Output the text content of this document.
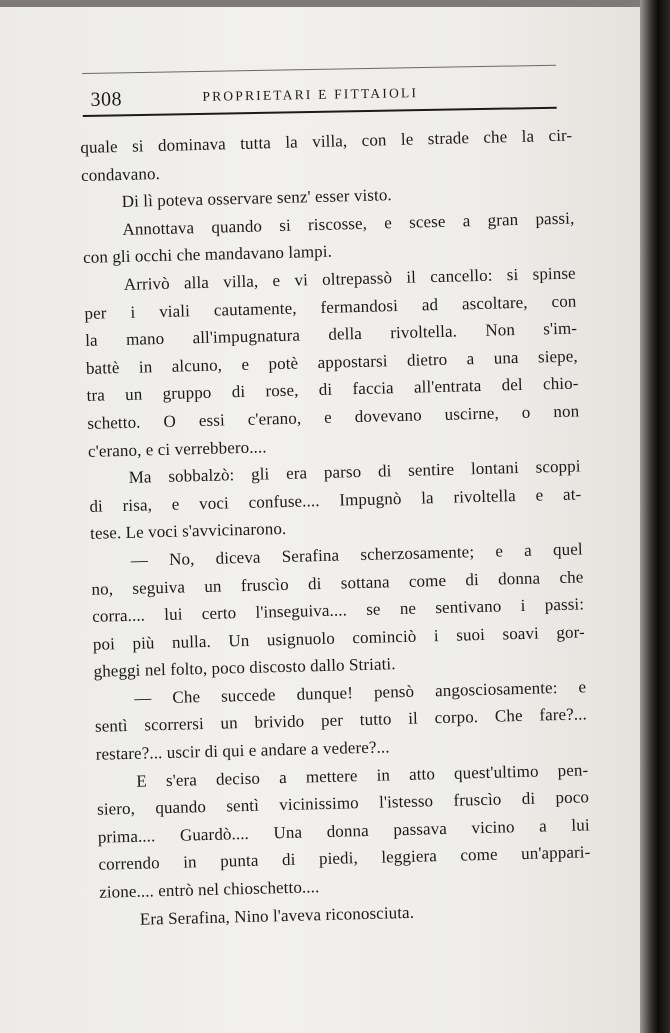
308	PROPRIETARI E FITTAIOLI
quale si dominava tutta la villa, con le strade che la cir-
condavano.
Di lì poteva osservare senz' esser visto.
Annottava quando si riscosse, e scese a gran passi,
con gli occhi che mandavano lampi.
Arrivò alla villa, e vi oltrepassò il cancello: si spinse
per i viali cautamente, fermandosi ad ascoltare, con
la mano all'impugnatura della rivoltella. Non s'im-
battè in alcuno, e potè appostarsi dietro a una siepe,
tra un gruppo di rose, di faccia all'entrata del chio-
schetto. O essi c'erano, e dovevano uscirne, o non
c'erano, e ci verrebbero....
Ma sobbalzò: gli era parso di sentire lontani scoppi
di risa, e voci confuse.... Impugnò la rivoltella e at-
tese. Le voci s'avvicinarono.
— No, diceva Serafina scherzosamente; e a quel
no, seguiva un fruscìo di sottana come di donna che
corra.... lui certo l'inseguiva.... se ne sentivano i passi:
poi più nulla. Un usignuolo cominciò i suoi soavi gor-
gheggi nel folto, poco discosto dallo Striati.
— Che succede dunque! pensò angosciosamente: e
sentì scorrersi un brivido per tutto il corpo. Che fare?...
restare?... uscir di qui e andare a vedere?...
E s'era deciso a mettere in atto quest'ultimo pen-
siero, quando sentì vicinissimo l'istesso fruscìo di poco
prima.... Guardò.... Una donna passava vicino a lui
correndo in punta di piedi, leggiera come un'appari-
zione.... entrò nel chioschetto....
Era Serafina, Nino l'aveva riconosciuta.
